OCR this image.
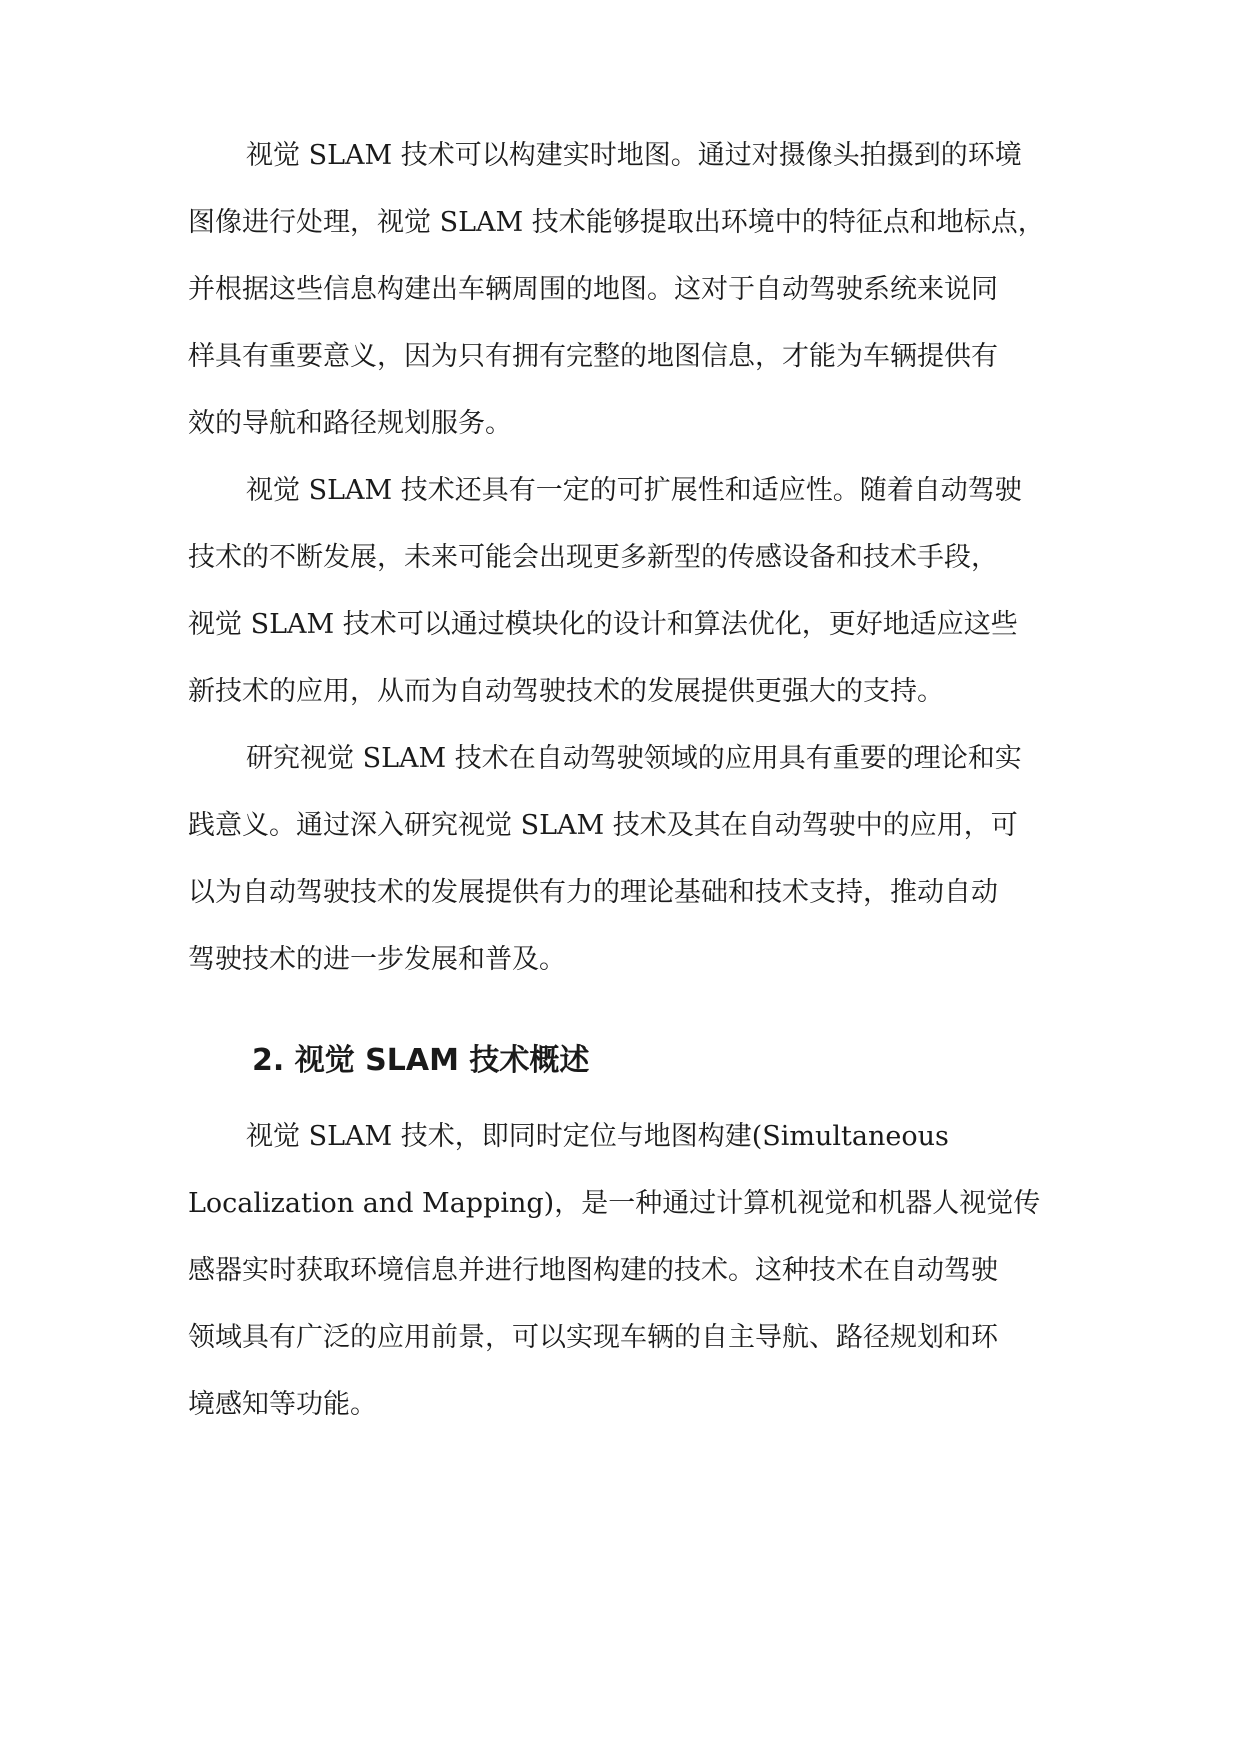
视觉 SLAM 技术可以构建实时地图。通过对摄像头拍摄到的环境
图像进行处理，视觉 SLAM 技术能够提取出环境中的特征点和地标点，
并根据这些信息构建出车辆周围的地图。这对于自动驾驶系统来说同
样具有重要意义，因为只有拥有完整的地图信息，才能为车辆提供有
效的导航和路径规划服务。
视觉 SLAM 技术还具有一定的可扩展性和适应性。随着自动驾驶
技术的不断发展，未来可能会出现更多新型的传感设备和技术手段，
视觉 SLAM 技术可以通过模块化的设计和算法优化，更好地适应这些
新技术的应用，从而为自动驾驶技术的发展提供更强大的支持。
研究视觉 SLAM 技术在自动驾驶领域的应用具有重要的理论和实
践意义。通过深入研究视觉 SLAM 技术及其在自动驾驶中的应用，可
以为自动驾驶技术的发展提供有力的理论基础和技术支持，推动自动
驾驶技术的进一步发展和普及。
2. 视觉 SLAM 技术概述
视觉 SLAM 技术，即同时定位与地图构建(Simultaneous
Localization and Mapping)，是一种通过计算机视觉和机器人视觉传
感器实时获取环境信息并进行地图构建的技术。这种技术在自动驾驶
领域具有广泛的应用前景，可以实现车辆的自主导航、路径规划和环
境感知等功能。
